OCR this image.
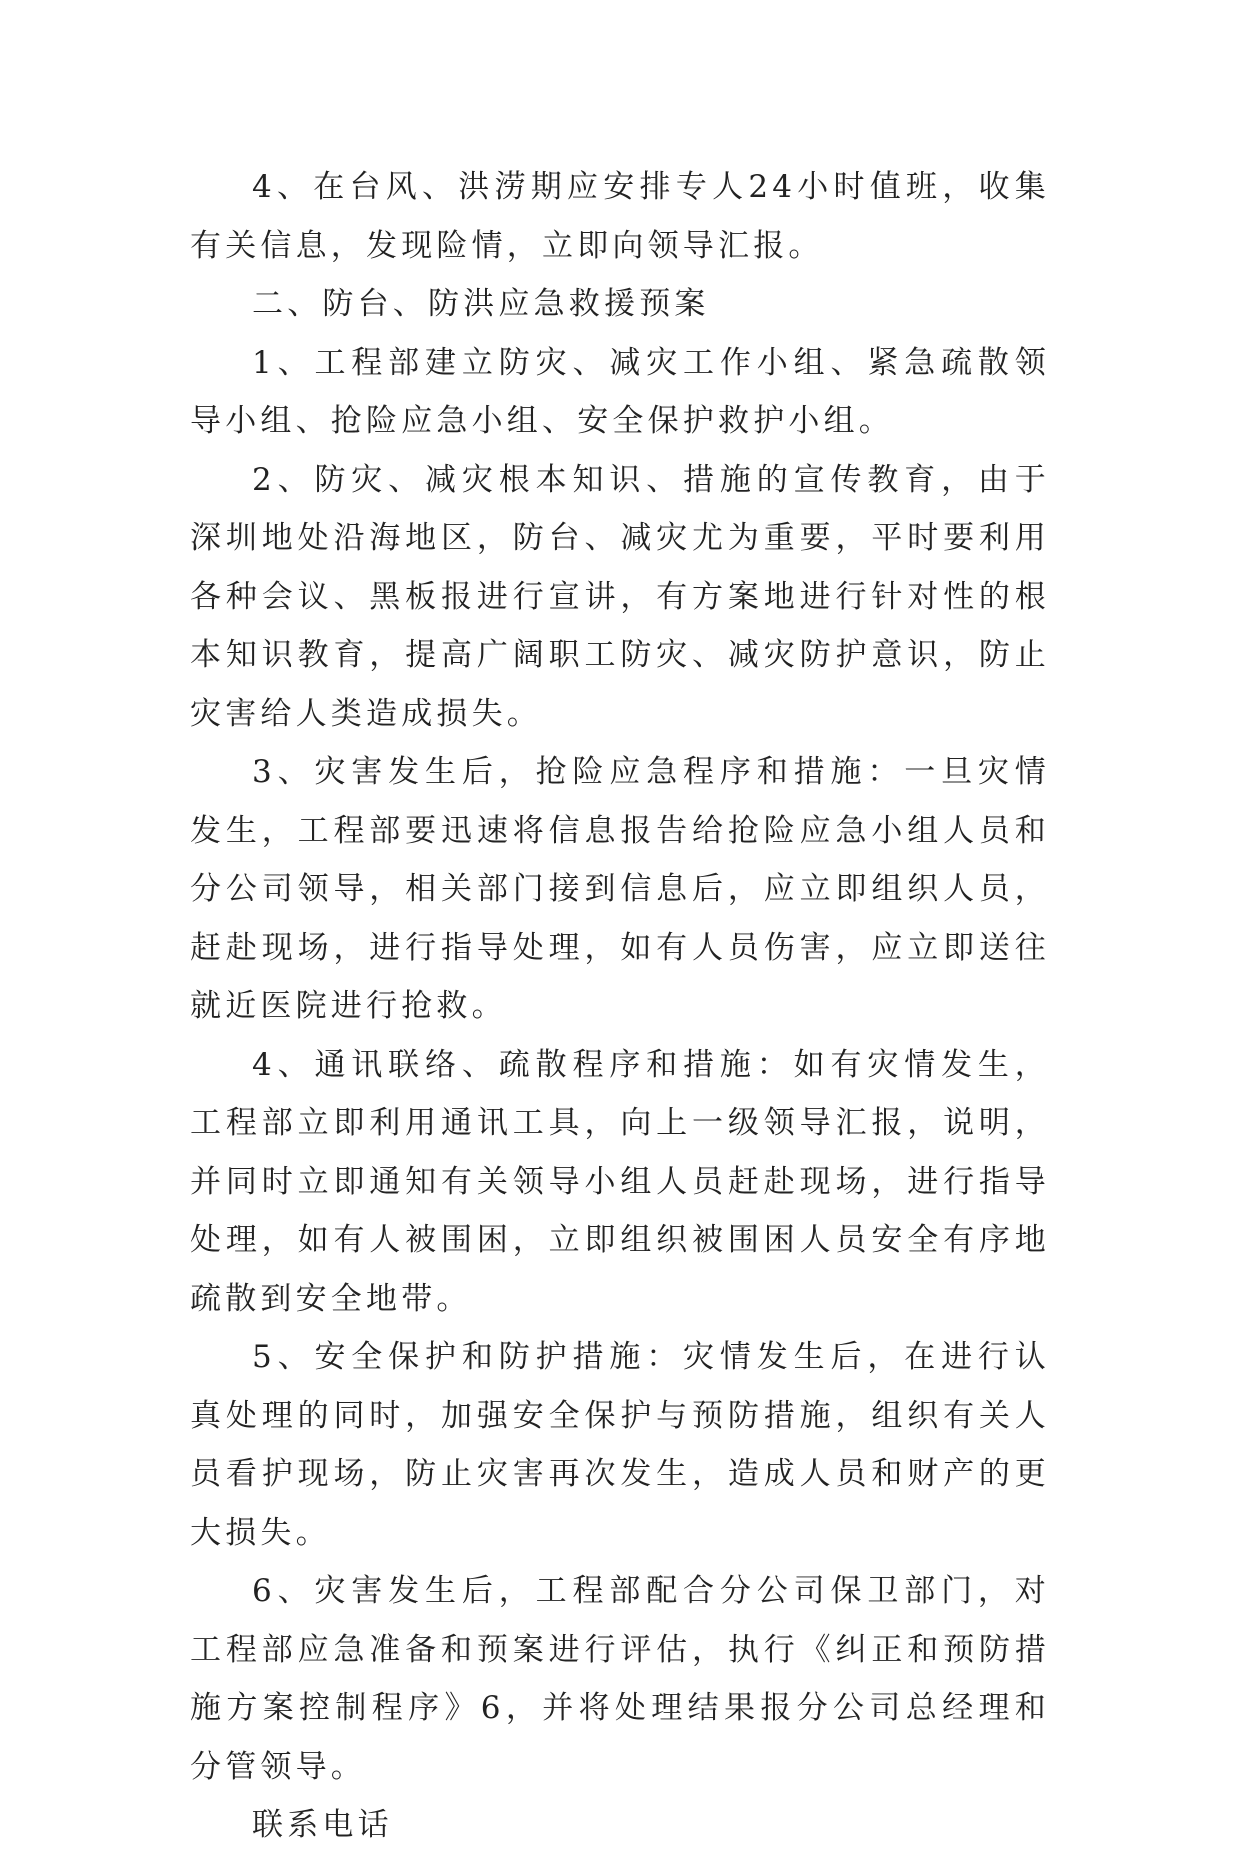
4、在台风、洪涝期应安排专人24小时值班，收集有关信息，发现险情，立即向领导汇报。

二、防台、防洪应急救援预案

1、工程部建立防灾、减灾工作小组、紧急疏散领导小组、抢险应急小组、安全保护救护小组。

2、防灾、减灾根本知识、措施的宣传教育，由于深圳地处沿海地区，防台、减灾尤为重要，平时要利用各种会议、黑板报进行宣讲，有方案地进行针对性的根本知识教育，提高广阔职工防灾、减灾防护意识，防止灾害给人类造成损失。

3、灾害发生后，抢险应急程序和措施：一旦灾情发生，工程部要迅速将信息报告给抢险应急小组人员和分公司领导，相关部门接到信息后，应立即组织人员，赶赴现场，进行指导处理，如有人员伤害，应立即送往就近医院进行抢救。

4、通讯联络、疏散程序和措施：如有灾情发生，工程部立即利用通讯工具，向上一级领导汇报，说明，并同时立即通知有关领导小组人员赶赴现场，进行指导处理，如有人被围困，立即组织被围困人员安全有序地疏散到安全地带。

5、安全保护和防护措施：灾情发生后，在进行认真处理的同时，加强安全保护与预防措施，组织有关人员看护现场，防止灾害再次发生，造成人员和财产的更大损失。

6、灾害发生后，工程部配合分公司保卫部门，对工程部应急准备和预案进行评估，执行《纠正和预防措施方案控制程序》6，并将处理结果报分公司总经理和分管领导。

联系电话
